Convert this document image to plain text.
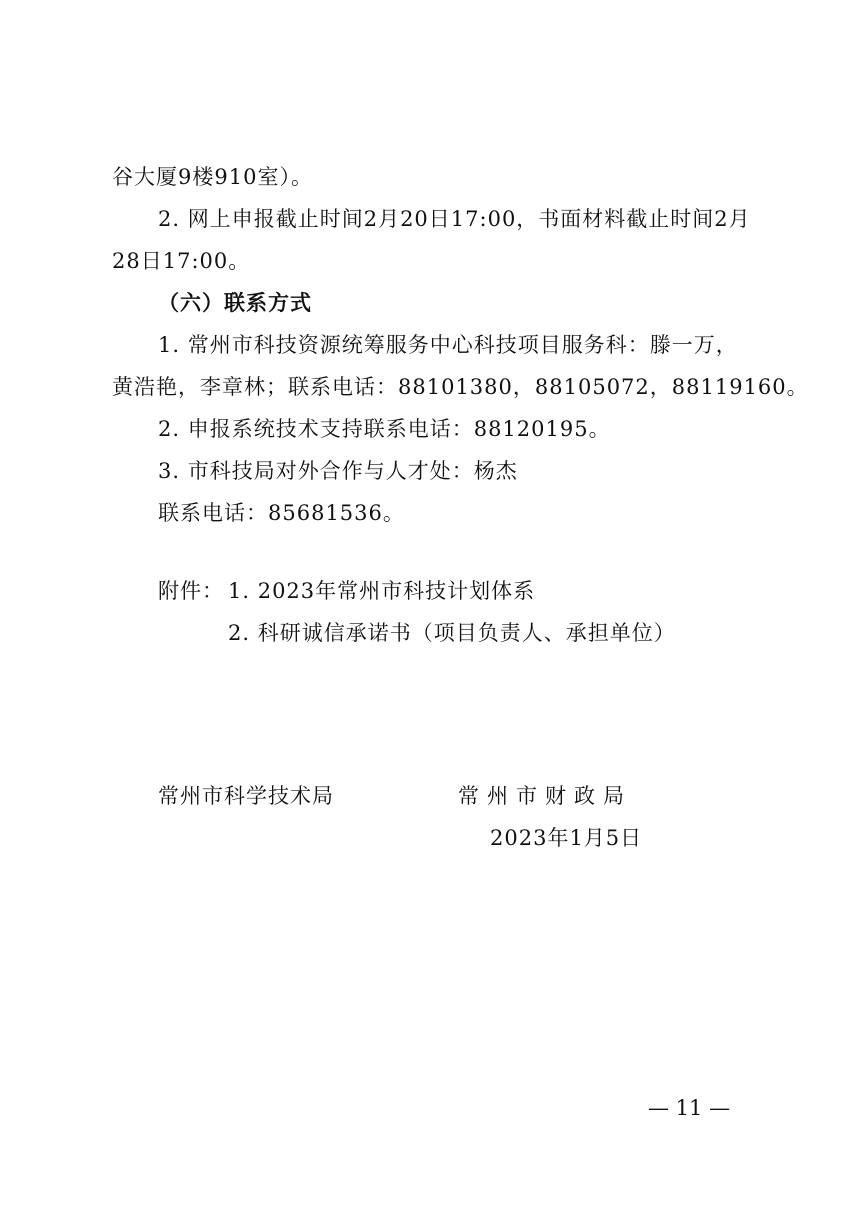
谷大厦9楼910室）。
2. 网上申报截止时间2月20日17:00，书面材料截止时间2月
28日17:00。
（六）联系方式
1. 常州市科技资源统筹服务中心科技项目服务科：滕一万，
黄浩艳，李章林；联系电话：88101380，88105072，88119160。
2. 申报系统技术支持联系电话：88120195。
3. 市科技局对外合作与人才处：杨杰
联系电话：85681536。
附件： 1. 2023年常州市科技计划体系
2. 科研诚信承诺书（项目负责人、承担单位）
常州市科学技术局	常州市财政局
2023年1月5日
— 11 —
